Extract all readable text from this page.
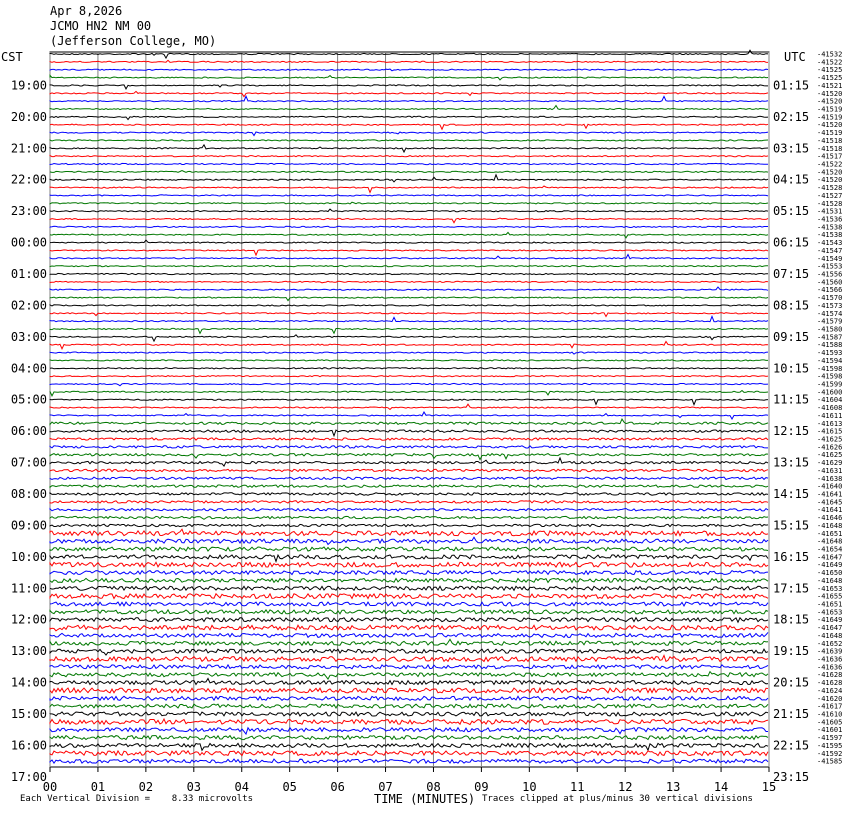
Apr 8,2026
JCMO HN2 NM 00
(Jefferson College, MO)
CST	UTC
19:00
20:00
21:00
22:00
23:00
00:00
01:00
02:00
03:00
04:00
05:00
06:00
07:00
08:00
09:00
10:00
11:00
12:00
13:00
14:00
15:00
16:00
17:00
01:15
02:15
03:15
04:15
05:15
06:15
07:15
08:15
09:15
10:15
11:15
12:15
13:15
14:15
15:15
16:15
17:15
18:15
19:15
20:15
21:15
22:15
23:15
-41532
-41522
-41525
-41525
-41521
-41520
-41520
-41519
-41519
-41520
-41519
-41518
-41518
-41517
-41522
-41520
-41520
-41528
-41527
-41528
-41531
-41536
-41538
-41538
-41543
-41547
-41549
-41553
-41556
-41560
-41566
-41570
-41573
-41574
-41579
-41580
-41587
-41588
-41593
-41594
-41598
-41598
-41599
-41600
-41604
-41608
-41611
-41613
-41615
-41625
-41626
-41625
-41629
-41631
-41638
-41640
-41641
-41645
-41641
-41646
-41648
-41651
-41648
-41654
-41647
-41649
-41650
-41648
-41653
-41655
-41651
-41653
-41649
-41647
-41648
-41652
-41639
-41636
-41636
-41628
-41628
-41624
-41620
-41617
-41610
-41605
-41601
-41597
-41595
-41592
-41585
00	01	02	03	04	05	06	07	08	09	10	11	12	13	14	15
Each Vertical Division =    8.33 microvolts	TIME (MINUTES) Traces clipped at plus/minus 30 vertical divisions
